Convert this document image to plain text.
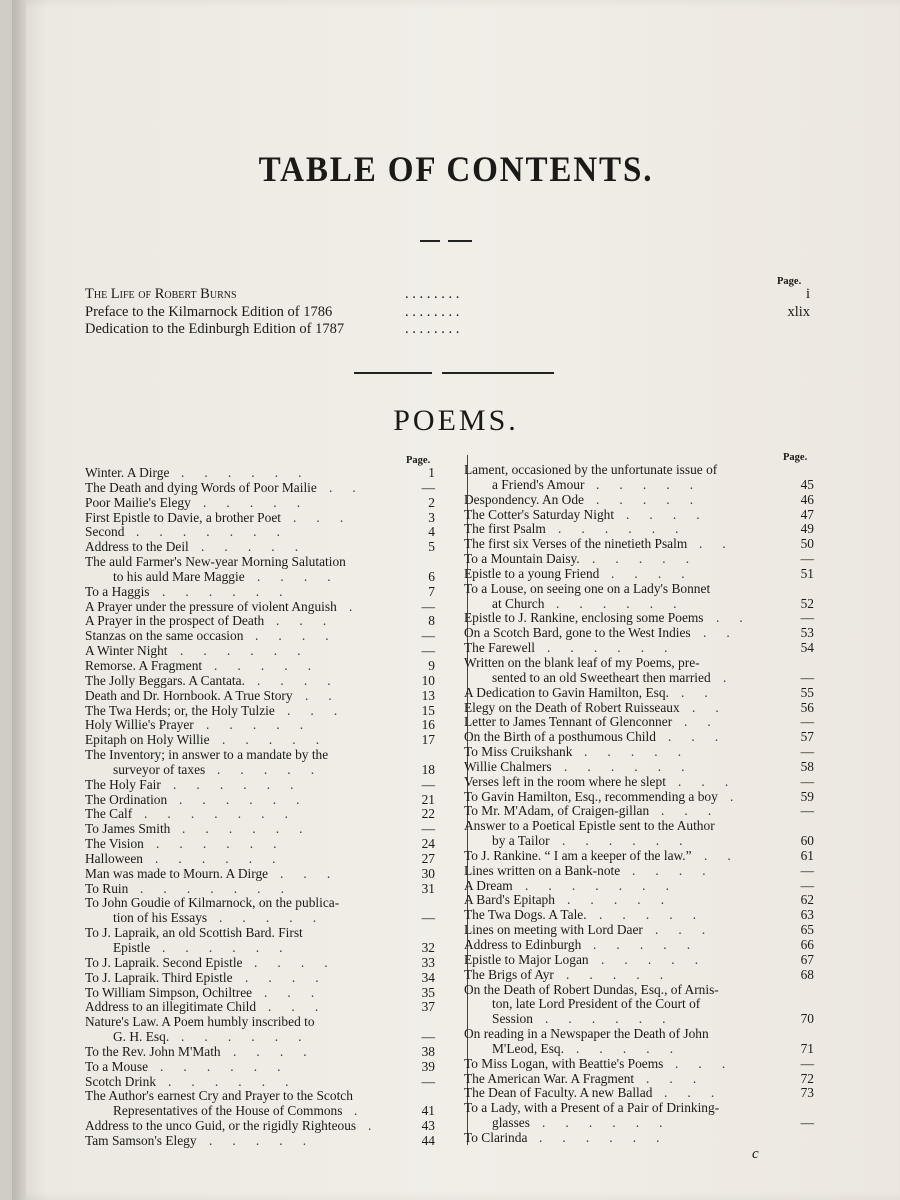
TABLE OF CONTENTS.
Page.
The Life of Robert Burns	. . . . . . . .	i
Preface to the Kilmarnock Edition of 1786	. . . . . . . .	xlix
Dedication to the Edinburgh Edition of 1787	. . . . . . . .
POEMS.
Page.	Page.
Winter. A Dirge	1
.      .      .      .      .      .
The Death and dying Words of Poor Mailie	—
.      .
Poor Mailie's Elegy	2
.      .      .      .      .
First Epistle to Davie, a brother Poet	3
.      .      .
Second	4
.      .      .      .      .      .      .
Address to the Deil	5
.      .      .      .      .
The auld Farmer's New-year Morning Salutation
to his auld Mare Maggie	6
.      .      .      .
To a Haggis	7
.      .      .      .      .      .
A Prayer under the pressure of violent Anguish	—
.
A Prayer in the prospect of Death	8
.      .      .
Stanzas on the same occasion	—
.      .      .      .
A Winter Night	—
.      .      .      .      .      .
Remorse. A Fragment	9
.      .      .      .      .
The Jolly Beggars. A Cantata.	10
.      .      .      .
Death and Dr. Hornbook. A True Story	13
.      .
The Twa Herds; or, the Holy Tulzie	15
.      .      .
Holy Willie's Prayer	16
.      .      .      .      .
Epitaph on Holy Willie	17
.      .      .      .      .
The Inventory; in answer to a mandate by the
surveyor of taxes	18
.      .      .      .      .
The Holy Fair	—
.      .      .      .      .      .
The Ordination	21
.      .      .      .      .      .
The Calf	22
.      .      .      .      .      .      .
To James Smith	—
.      .      .      .      .      .
The Vision	24
.      .      .      .      .      .
Halloween	27
.      .      .      .      .      .
Man was made to Mourn. A Dirge	30
.      .      .
To Ruin	31
.      .      .      .      .      .      .
To John Goudie of Kilmarnock, on the publica-
tion of his Essays	—
.      .      .      .      .
To J. Lapraik, an old Scottish Bard. First
Epistle	32
.      .      .      .      .      .
To J. Lapraik. Second Epistle	33
.      .      .      .
To J. Lapraik. Third Epistle	34
.      .      .      .
To William Simpson, Ochiltree	35
.      .      .
Address to an illegitimate Child	37
.      .      .
Nature's Law. A Poem humbly inscribed to
G. H. Esq.	—
.      .      .      .      .      .
To the Rev. John M'Math	38
.      .      .      .
To a Mouse	39
.      .      .      .      .      .
Scotch Drink	—
.      .      .      .      .      .
The Author's earnest Cry and Prayer to the Scotch
Representatives of the House of Commons	41
.
Address to the unco Guid, or the rigidly Righteous	43
.
Tam Samson's Elegy	44
.      .      .      .      .
Lament, occasioned by the unfortunate issue of
a Friend's Amour	45
.      .      .      .      .
Despondency. An Ode	46
.      .      .      .      .
The Cotter's Saturday Night	47
.      .      .      .
The first Psalm	49
.      .      .      .      .      .
The first six Verses of the ninetieth Psalm	50
.      .
To a Mountain Daisy.	—
.      .      .      .      .
Epistle to a young Friend	51
.      .      .      .
To a Louse, on seeing one on a Lady's Bonnet
at Church	52
.      .      .      .      .      .
Epistle to J. Rankine, enclosing some Poems	—
.      .
On a Scotch Bard, gone to the West Indies	53
.      .
The Farewell	54
.      .      .      .      .      .
Written on the blank leaf of my Poems, pre-
sented to an old Sweetheart then married	—
.
A Dedication to Gavin Hamilton, Esq.	55
.      .
Elegy on the Death of Robert Ruisseaux	56
.      .
Letter to James Tennant of Glenconner	—
.      .
On the Birth of a posthumous Child	57
.      .      .
To Miss Cruikshank	—
.      .      .      .      .
Willie Chalmers	58
.      .      .      .      .      .
Verses left in the room where he slept	—
.      .      .
To Gavin Hamilton, Esq., recommending a boy	59
.
To Mr. M'Adam, of Craigen-gillan	—
.      .      .
Answer to a Poetical Epistle sent to the Author
by a Tailor	60
.      .      .      .      .      .
To J. Rankine. “ I am a keeper of the law.”	61
.      .
Lines written on a Bank-note	—
.      .      .      .
A Dream	—
.      .      .      .      .      .      .
A Bard's Epitaph	62
.      .      .      .      .
The Twa Dogs. A Tale.	63
.      .      .      .      .
Lines on meeting with Lord Daer	65
.      .      .
Address to Edinburgh	66
.      .      .      .      .
Epistle to Major Logan	67
.      .      .      .      .
The Brigs of Ayr	68
.      .      .      .      .
On the Death of Robert Dundas, Esq., of Arnis-
ton, late Lord President of the Court of
Session	70
.      .      .      .      .      .
On reading in a Newspaper the Death of John
M'Leod, Esq.	71
.      .      .      .      .
To Miss Logan, with Beattie's Poems	—
.      .      .
The American War. A Fragment	72
.      .      .
The Dean of Faculty. A new Ballad	73
.      .      .
To a Lady, with a Present of a Pair of Drinking-
glasses	—
.      .      .      .      .      .
To Clarinda .      .      .      .      .      .
c
